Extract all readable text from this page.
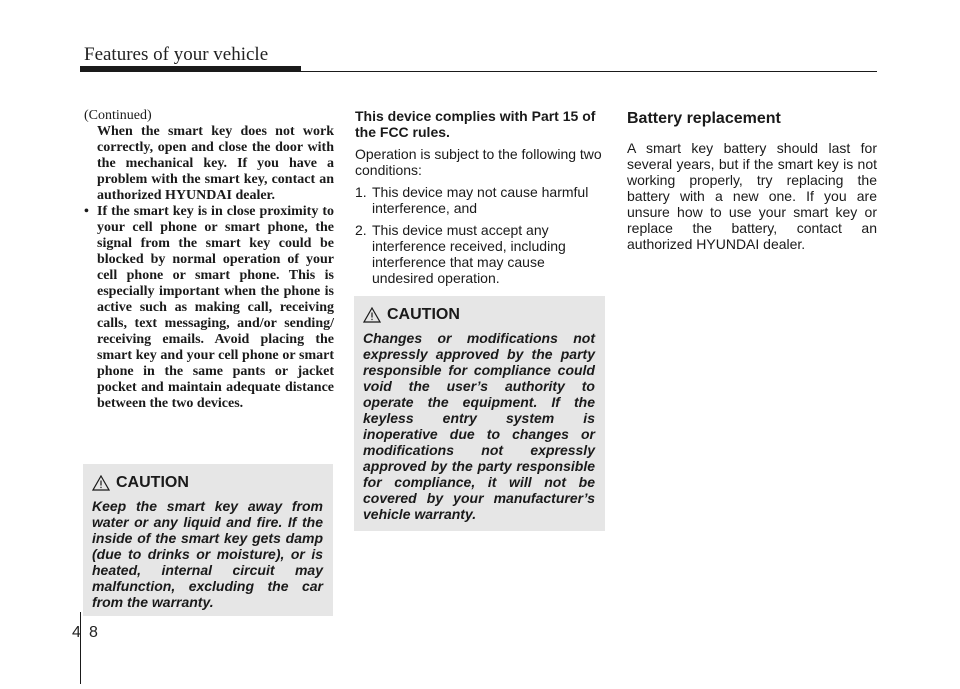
Features of your vehicle

(Continued)

When the smart key does not work correctly, open and close the door with the mechanical key. If you have a problem with the smart key, contact an authorized HYUNDAI dealer.

• If the smart key is in close proximity to your cell phone or smart phone, the signal from the smart key could be blocked by normal operation of your cell phone or smart phone. This is especially important when the phone is active such as making call, receiving calls, text messaging, and/or sending/ receiving emails. Avoid placing the smart key and your cell phone or smart phone in the same pants or jacket pocket and maintain adequate distance between the two devices.

CAUTION

Keep the smart key away from water or any liquid and fire. If the inside of the smart key gets damp (due to drinks or moisture), or is heated, internal circuit may malfunction, excluding the car from the warranty.

This device complies with Part 15 of the FCC rules.

Operation is subject to the following two conditions:

1. This device may not cause harmful interference, and
2. This device must accept any interference received, including interference that may cause undesired operation.
CAUTION

Changes or modifications not expressly approved by the party responsible for compliance could void the user’s authority to operate the equipment. If the keyless entry system is inoperative due to changes or modifications not expressly approved by the party responsible for compliance, it will not be covered by your manufacturer’s vehicle warranty.

Battery replacement

A smart key battery should last for several years, but if the smart key is not working properly, try replacing the battery with a new one. If you are unsure how to use your smart key or replace the battery, contact an authorized HYUNDAI dealer.

4 8
